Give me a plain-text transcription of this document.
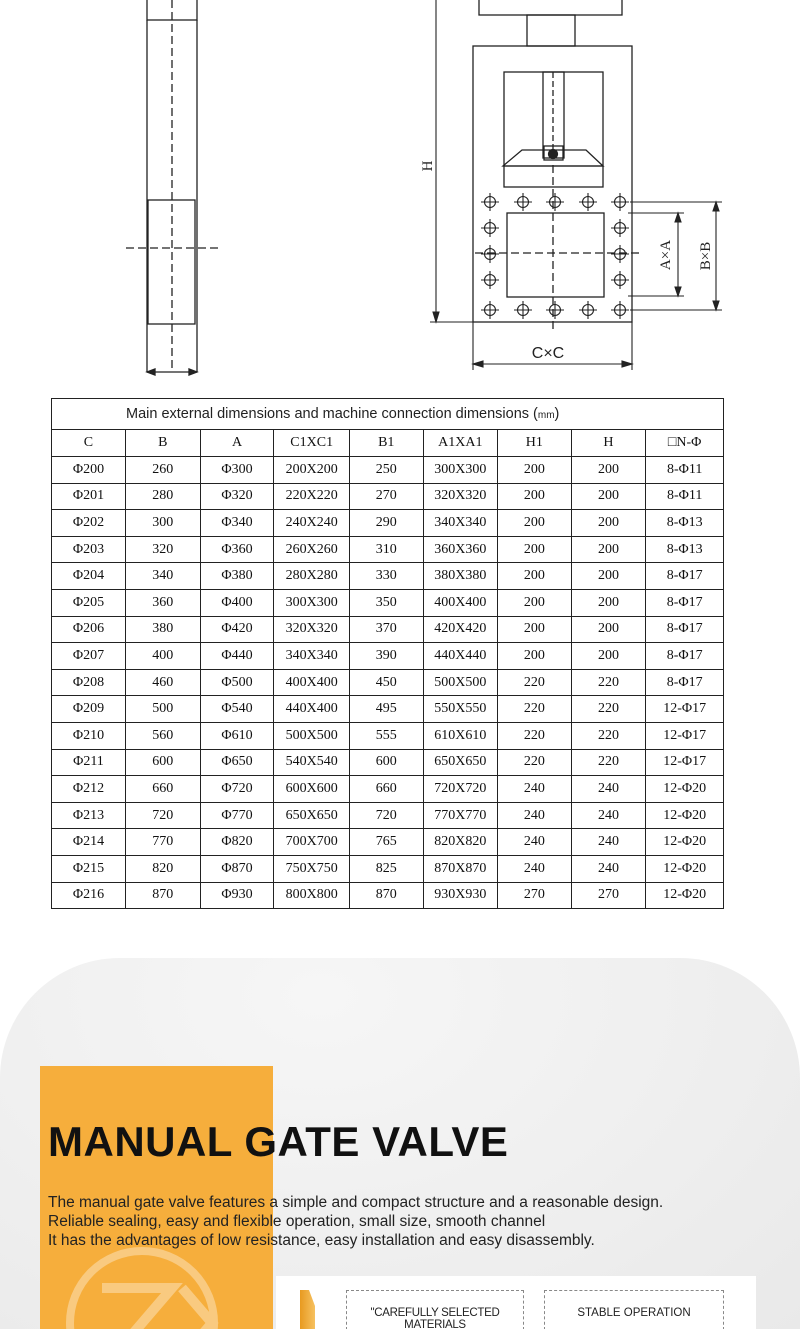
H
A×A B×B
C×C
Main external dimensions and machine connection dimensions (mm)								
C	B	A	C1XC1	B1	A1XA1	H1	H	□N-Φ
Φ200	260	Φ300	200X200	250	300X300	200	200	8-Φ11
Φ201	280	Φ320	220X220	270	320X320	200	200	8-Φ11
Φ202	300	Φ340	240X240	290	340X340	200	200	8-Φ13
Φ203	320	Φ360	260X260	310	360X360	200	200	8-Φ13
Φ204	340	Φ380	280X280	330	380X380	200	200	8-Φ17
Φ205	360	Φ400	300X300	350	400X400	200	200	8-Φ17
Φ206	380	Φ420	320X320	370	420X420	200	200	8-Φ17
Φ207	400	Φ440	340X340	390	440X440	200	200	8-Φ17
Φ208	460	Φ500	400X400	450	500X500	220	220	8-Φ17
Φ209	500	Φ540	440X400	495	550X550	220	220	12-Φ17
Φ210	560	Φ610	500X500	555	610X610	220	220	12-Φ17
Φ211	600	Φ650	540X540	600	650X650	220	220	12-Φ17
Φ212	660	Φ720	600X600	660	720X720	240	240	12-Φ20
Φ213	720	Φ770	650X650	720	770X770	240	240	12-Φ20
Φ214	770	Φ820	700X700	765	820X820	240	240	12-Φ20
Φ215	820	Φ870	750X750	825	870X870	240	240	12-Φ20
Φ216	870	Φ930	800X800	870	930X930	270	270	12-Φ20
MANUAL GATE VALVE
The manual gate valve features a simple and compact structure and a reasonable design.
Reliable sealing, easy and flexible operation, small size, smooth channel
It has the advantages of low resistance, easy installation and easy disassembly.
"CAREFULLY SELECTED MATERIALS
STABLE OPERATION
